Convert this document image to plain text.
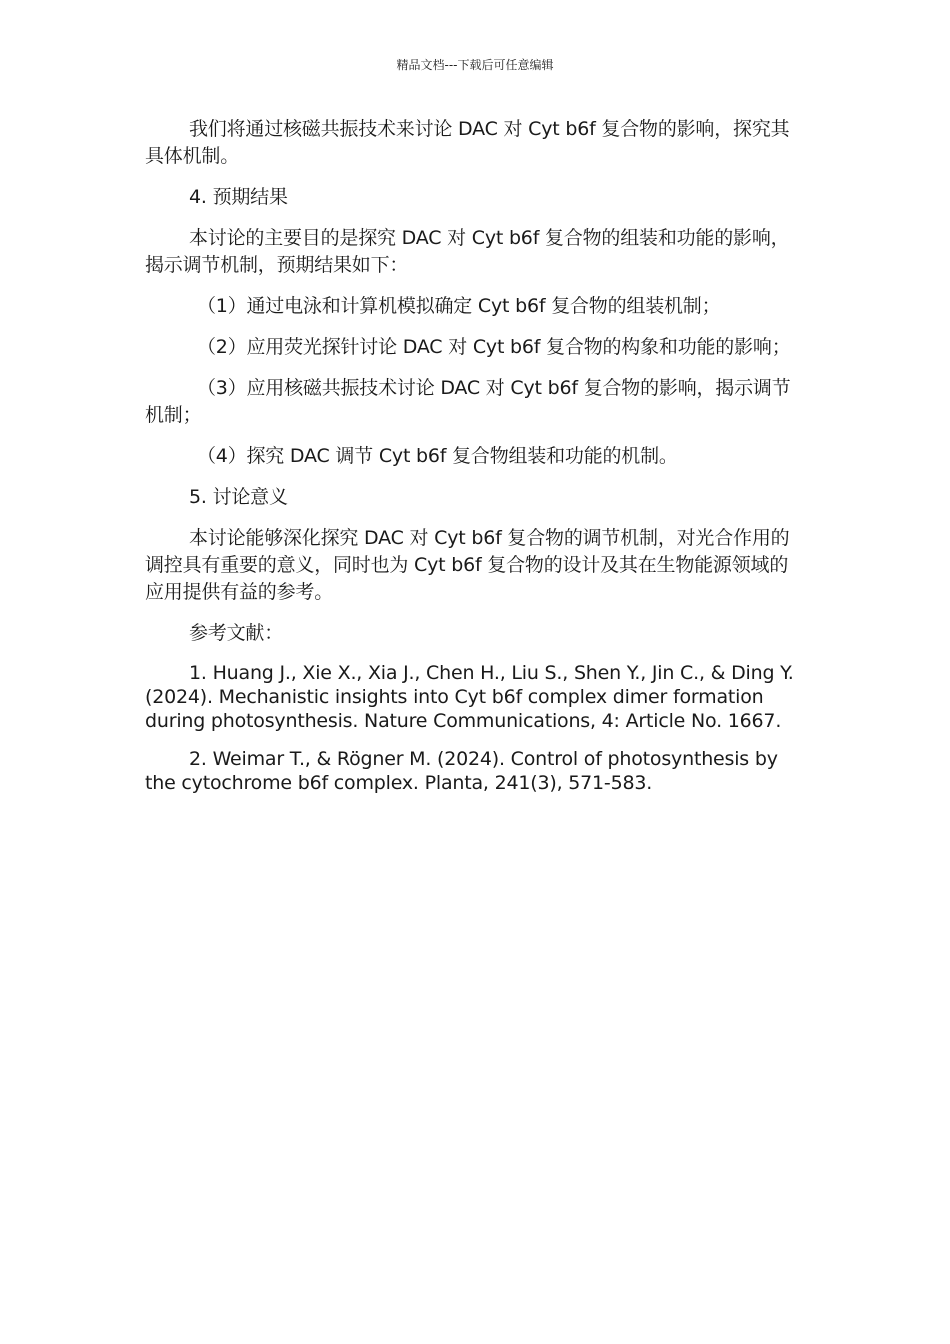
精品文档---下载后可任意编辑

我们将通过核磁共振技术来讨论 DAC 对 Cyt b6f 复合物的影响，探究其具体机制。

4. 预期结果

本讨论的主要目的是探究 DAC 对 Cyt b6f 复合物的组装和功能的影响，揭示调节机制，预期结果如下：

（1）通过电泳和计算机模拟确定 Cyt b6f 复合物的组装机制；

（2）应用荧光探针讨论 DAC 对 Cyt b6f 复合物的构象和功能的影响；

（3）应用核磁共振技术讨论 DAC 对 Cyt b6f 复合物的影响，揭示调节机制；

（4）探究 DAC 调节 Cyt b6f 复合物组装和功能的机制。

5. 讨论意义

本讨论能够深化探究 DAC 对 Cyt b6f 复合物的调节机制，对光合作用的调控具有重要的意义，同时也为 Cyt b6f 复合物的设计及其在生物能源领域的应用提供有益的参考。

参考文献：

1. Huang J., Xie X., Xia J., Chen H., Liu S., Shen Y., Jin C., & Ding Y. (2024). Mechanistic insights into Cyt b6f complex dimer formation during photosynthesis. Nature Communications, 4: Article No. 1667.

2. Weimar T., & Rögner M. (2024). Control of photosynthesis by the cytochrome b6f complex. Planta, 241(3), 571-583.
